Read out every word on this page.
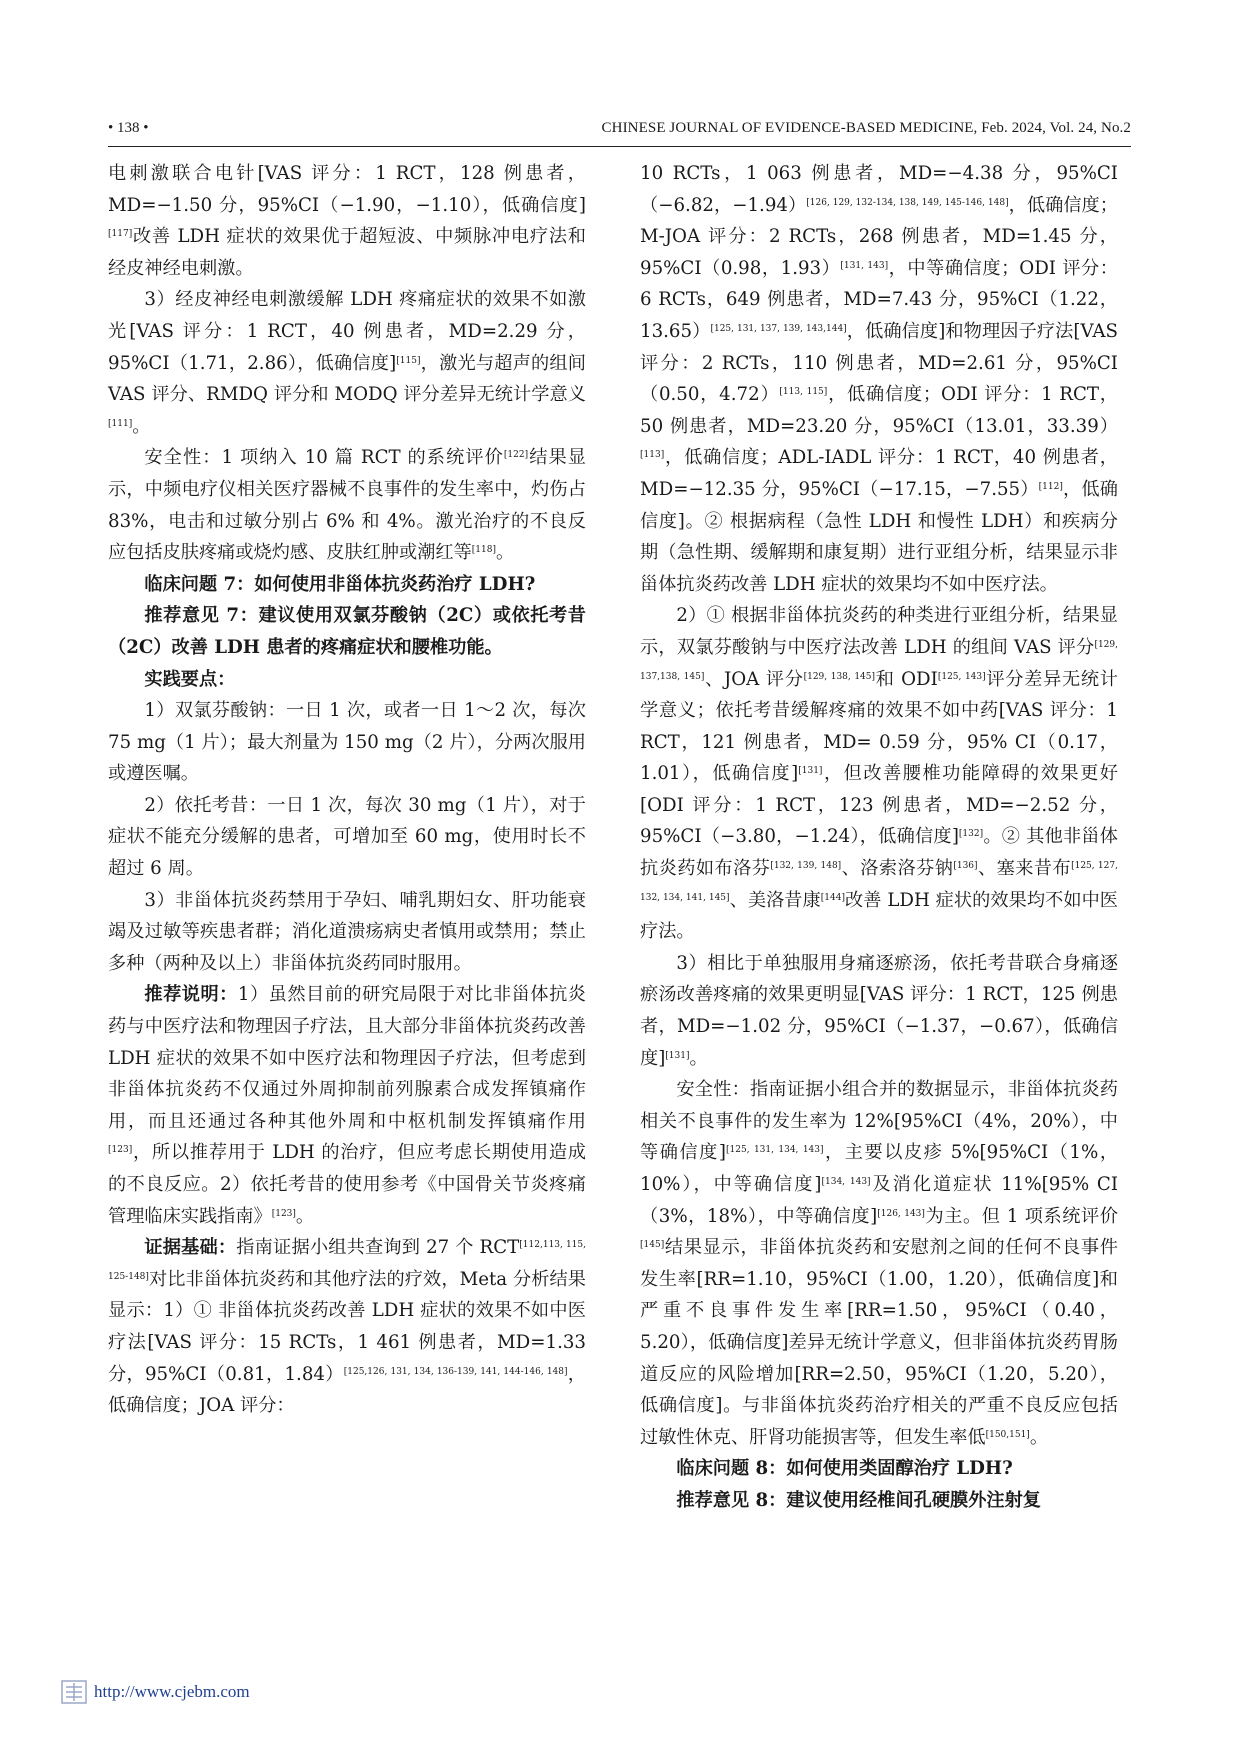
• 138 •	CHINESE JOURNAL OF EVIDENCE-BASED MEDICINE, Feb. 2024, Vol. 24, No.2

电刺激联合电针[VAS 评分：1 RCT，128 例患者，MD=−1.50 分，95%CI（−1.90，−1.10），低确信度][117]改善 LDH 症状的效果优于超短波、中频脉冲电疗法和经皮神经电刺激。

3）经皮神经电刺激缓解 LDH 疼痛症状的效果不如激光[VAS 评分：1 RCT，40 例患者，MD=2.29 分，95%CI（1.71，2.86），低确信度][115]，激光与超声的组间 VAS 评分、RMDQ 评分和 MODQ 评分差异无统计学意义[111]。

安全性：1 项纳入 10 篇 RCT 的系统评价[122]结果显示，中频电疗仪相关医疗器械不良事件的发生率中，灼伤占 83%，电击和过敏分别占 6% 和 4%。激光治疗的不良反应包括皮肤疼痛或烧灼感、皮肤红肿或潮红等[118]。

临床问题 7：如何使用非甾体抗炎药治疗 LDH?

推荐意见 7：建议使用双氯芬酸钠（2C）或依托考昔（2C）改善 LDH 患者的疼痛症状和腰椎功能。

实践要点：

1）双氯芬酸钠：一日 1 次，或者一日 1～2 次，每次 75 mg（1 片）；最大剂量为 150 mg（2 片），分两次服用或遵医嘱。

2）依托考昔：一日 1 次，每次 30 mg（1 片），对于症状不能充分缓解的患者，可增加至 60 mg，使用时长不超过 6 周。

3）非甾体抗炎药禁用于孕妇、哺乳期妇女、肝功能衰竭及过敏等疾患者群；消化道溃疡病史者慎用或禁用；禁止多种（两种及以上）非甾体抗炎药同时服用。

推荐说明：1）虽然目前的研究局限于对比非甾体抗炎药与中医疗法和物理因子疗法，且大部分非甾体抗炎药改善 LDH 症状的效果不如中医疗法和物理因子疗法，但考虑到非甾体抗炎药不仅通过外周抑制前列腺素合成发挥镇痛作用，而且还通过各种其他外周和中枢机制发挥镇痛作用[123]，所以推荐用于 LDH 的治疗，但应考虑长期使用造成的不良反应。2）依托考昔的使用参考《中国骨关节炎疼痛管理临床实践指南》[123]。

证据基础：指南证据小组共查询到 27 个 RCT[112,113, 115, 125-148]对比非甾体抗炎药和其他疗法的疗效，Meta 分析结果显示：1）① 非甾体抗炎药改善 LDH 症状的效果不如中医疗法[VAS 评分：15 RCTs，1 461 例患者，MD=1.33 分，95%CI（0.81，1.84）[125,126, 131, 134, 136-139, 141, 144-146, 148]，低确信度；JOA 评分：

10 RCTs，1 063 例患者，MD=−4.38 分，95%CI（−6.82，−1.94）[126, 129, 132-134, 138, 149, 145-146, 148]，低确信度；M-JOA 评分：2 RCTs，268 例患者，MD=1.45 分，95%CI（0.98，1.93）[131, 143]，中等确信度；ODI 评分：6 RCTs，649 例患者，MD=7.43 分，95%CI（1.22，13.65）[125, 131, 137, 139, 143,144]，低确信度]和物理因子疗法[VAS 评分：2 RCTs，110 例患者，MD=2.61 分，95%CI（0.50，4.72）[113, 115]，低确信度；ODI 评分：1 RCT，50 例患者，MD=23.20 分，95%CI（13.01，33.39）[113]，低确信度；ADL-IADL 评分：1 RCT，40 例患者，MD=−12.35 分，95%CI（−17.15，−7.55）[112]，低确信度]。② 根据病程（急性 LDH 和慢性 LDH）和疾病分期（急性期、缓解期和康复期）进行亚组分析，结果显示非甾体抗炎药改善 LDH 症状的效果均不如中医疗法。

2）① 根据非甾体抗炎药的种类进行亚组分析，结果显示，双氯芬酸钠与中医疗法改善 LDH 的组间 VAS 评分[129, 137,138, 145]、JOA 评分[129, 138, 145]和 ODI[125, 143]评分差异无统计学意义；依托考昔缓解疼痛的效果不如中药[VAS 评分：1 RCT，121 例患者，MD= 0.59 分，95% CI（0.17，1.01），低确信度][131]，但改善腰椎功能障碍的效果更好[ODI 评分：1 RCT，123 例患者，MD=−2.52 分，95%CI（−3.80，−1.24），低确信度][132]。② 其他非甾体抗炎药如布洛芬[132, 139, 148]、洛索洛芬钠[136]、塞来昔布[125, 127, 132, 134, 141, 145]、美洛昔康[144]改善 LDH 症状的效果均不如中医疗法。

3）相比于单独服用身痛逐瘀汤，依托考昔联合身痛逐瘀汤改善疼痛的效果更明显[VAS 评分：1 RCT，125 例患者，MD=−1.02 分，95%CI（−1.37，−0.67），低确信度][131]。

安全性：指南证据小组合并的数据显示，非甾体抗炎药相关不良事件的发生率为 12%[95%CI（4%，20%），中等确信度][125, 131, 134, 143]，主要以皮疹 5%[95%CI（1%，10%），中等确信度][134, 143]及消化道症状 11%[95% CI（3%，18%），中等确信度][126, 143]为主。但 1 项系统评价[145]结果显示，非甾体抗炎药和安慰剂之间的任何不良事件发生率[RR=1.10，95%CI（1.00，1.20），低确信度]和严重不良事件发生率[RR=1.50，95%CI（0.40，5.20），低确信度]差异无统计学意义，但非甾体抗炎药胃肠道反应的风险增加[RR=2.50，95%CI（1.20，5.20），低确信度]。与非甾体抗炎药治疗相关的严重不良反应包括过敏性休克、肝肾功能损害等，但发生率低[150,151]。

临床问题 8：如何使用类固醇治疗 LDH?

推荐意见 8：建议使用经椎间孔硬膜外注射复

http://www.cjebm.com
